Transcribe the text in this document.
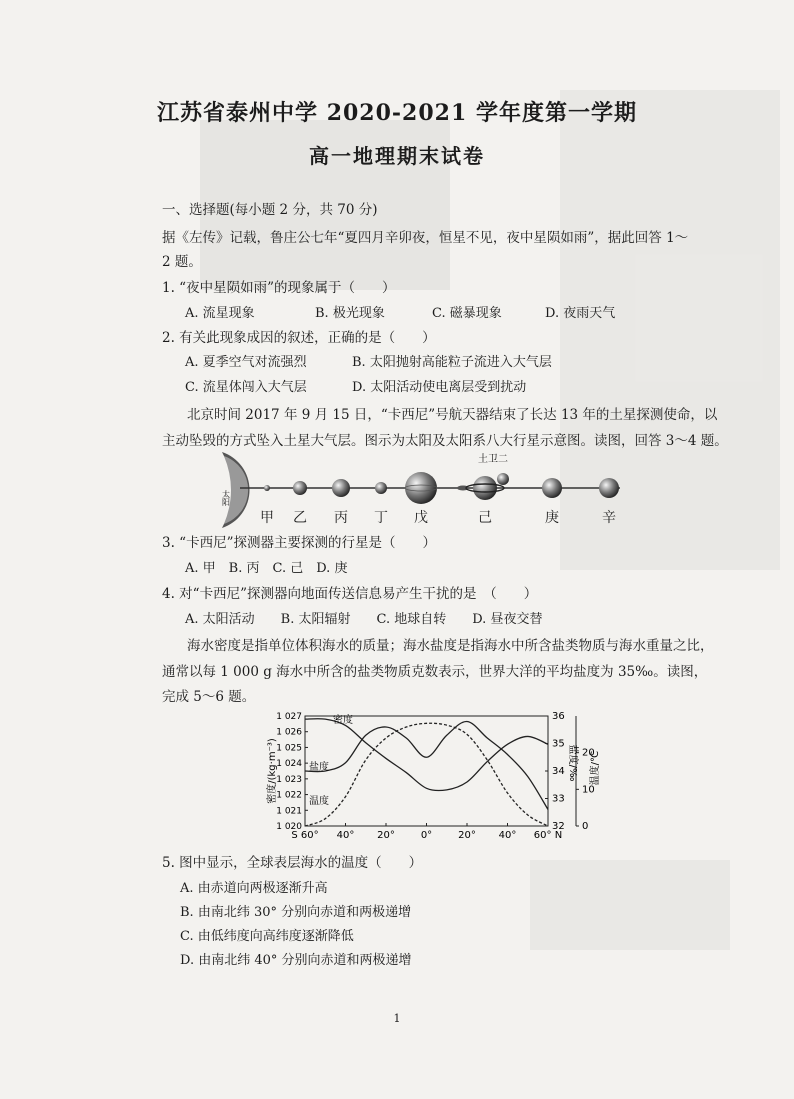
江苏省泰州中学 2020-2021 学年度第一学期
高一地理期末试卷
一、选择题(每小题 2 分，共 70 分)
据《左传》记载，鲁庄公七年“夏四月辛卯夜，恒星不见，夜中星陨如雨”，据此回答 1～
2 题。
1. “夜中星陨如雨”的现象属于（　　）
A. 流星现象	B. 极光现象	C. 磁暴现象	D. 夜雨天气
2. 有关此现象成因的叙述，正确的是（　　）
A. 夏季空气对流强烈	B. 太阳抛射高能粒子流进入大气层
C. 流星体闯入大气层	D. 太阳活动使电离层受到扰动
北京时间 2017 年 9 月 15 日，“卡西尼”号航天器结束了长达 13 年的土星探测使命，以
主动坠毁的方式坠入土星大气层。图示为太阳及太阳系八大行星示意图。读图，回答 3～4 题。
太阳
土卫二
甲 乙 丙 丁 戊	己	庚	辛
3. “卡西尼”探测器主要探测的行星是（　　）
A. 甲　B. 丙　C. 己　D. 庚
4. 对“卡西尼”探测器向地面传送信息易产生干扰的是　（　　）
A. 太阳活动　　B. 太阳辐射　　C. 地球自转　　D. 昼夜交替
海水密度是指单位体积海水的质量；海水盐度是指海水中所含盐类物质与海水重量之比，
通常以每 1 000 g 海水中所含的盐类物质克数表示，世界大洋的平均盐度为 35‰。读图，
完成 5～6 题。
1 027
1 026
1 025
1 024
1 023
1 022
1 021
1 020
36
35
34
33
32
20
10
0
S 60° 40° 20°	0°	20° 40° 60° N
密度/(kg·m⁻³)	盐度/‰ 温度/℃
密度
盐度
温度
5. 图中显示，全球表层海水的温度（　　）
A. 由赤道向两极逐渐升高
B. 由南北纬 30° 分别向赤道和两极递增
C. 由低纬度向高纬度逐渐降低
D. 由南北纬 40° 分别向赤道和两极递增
1
